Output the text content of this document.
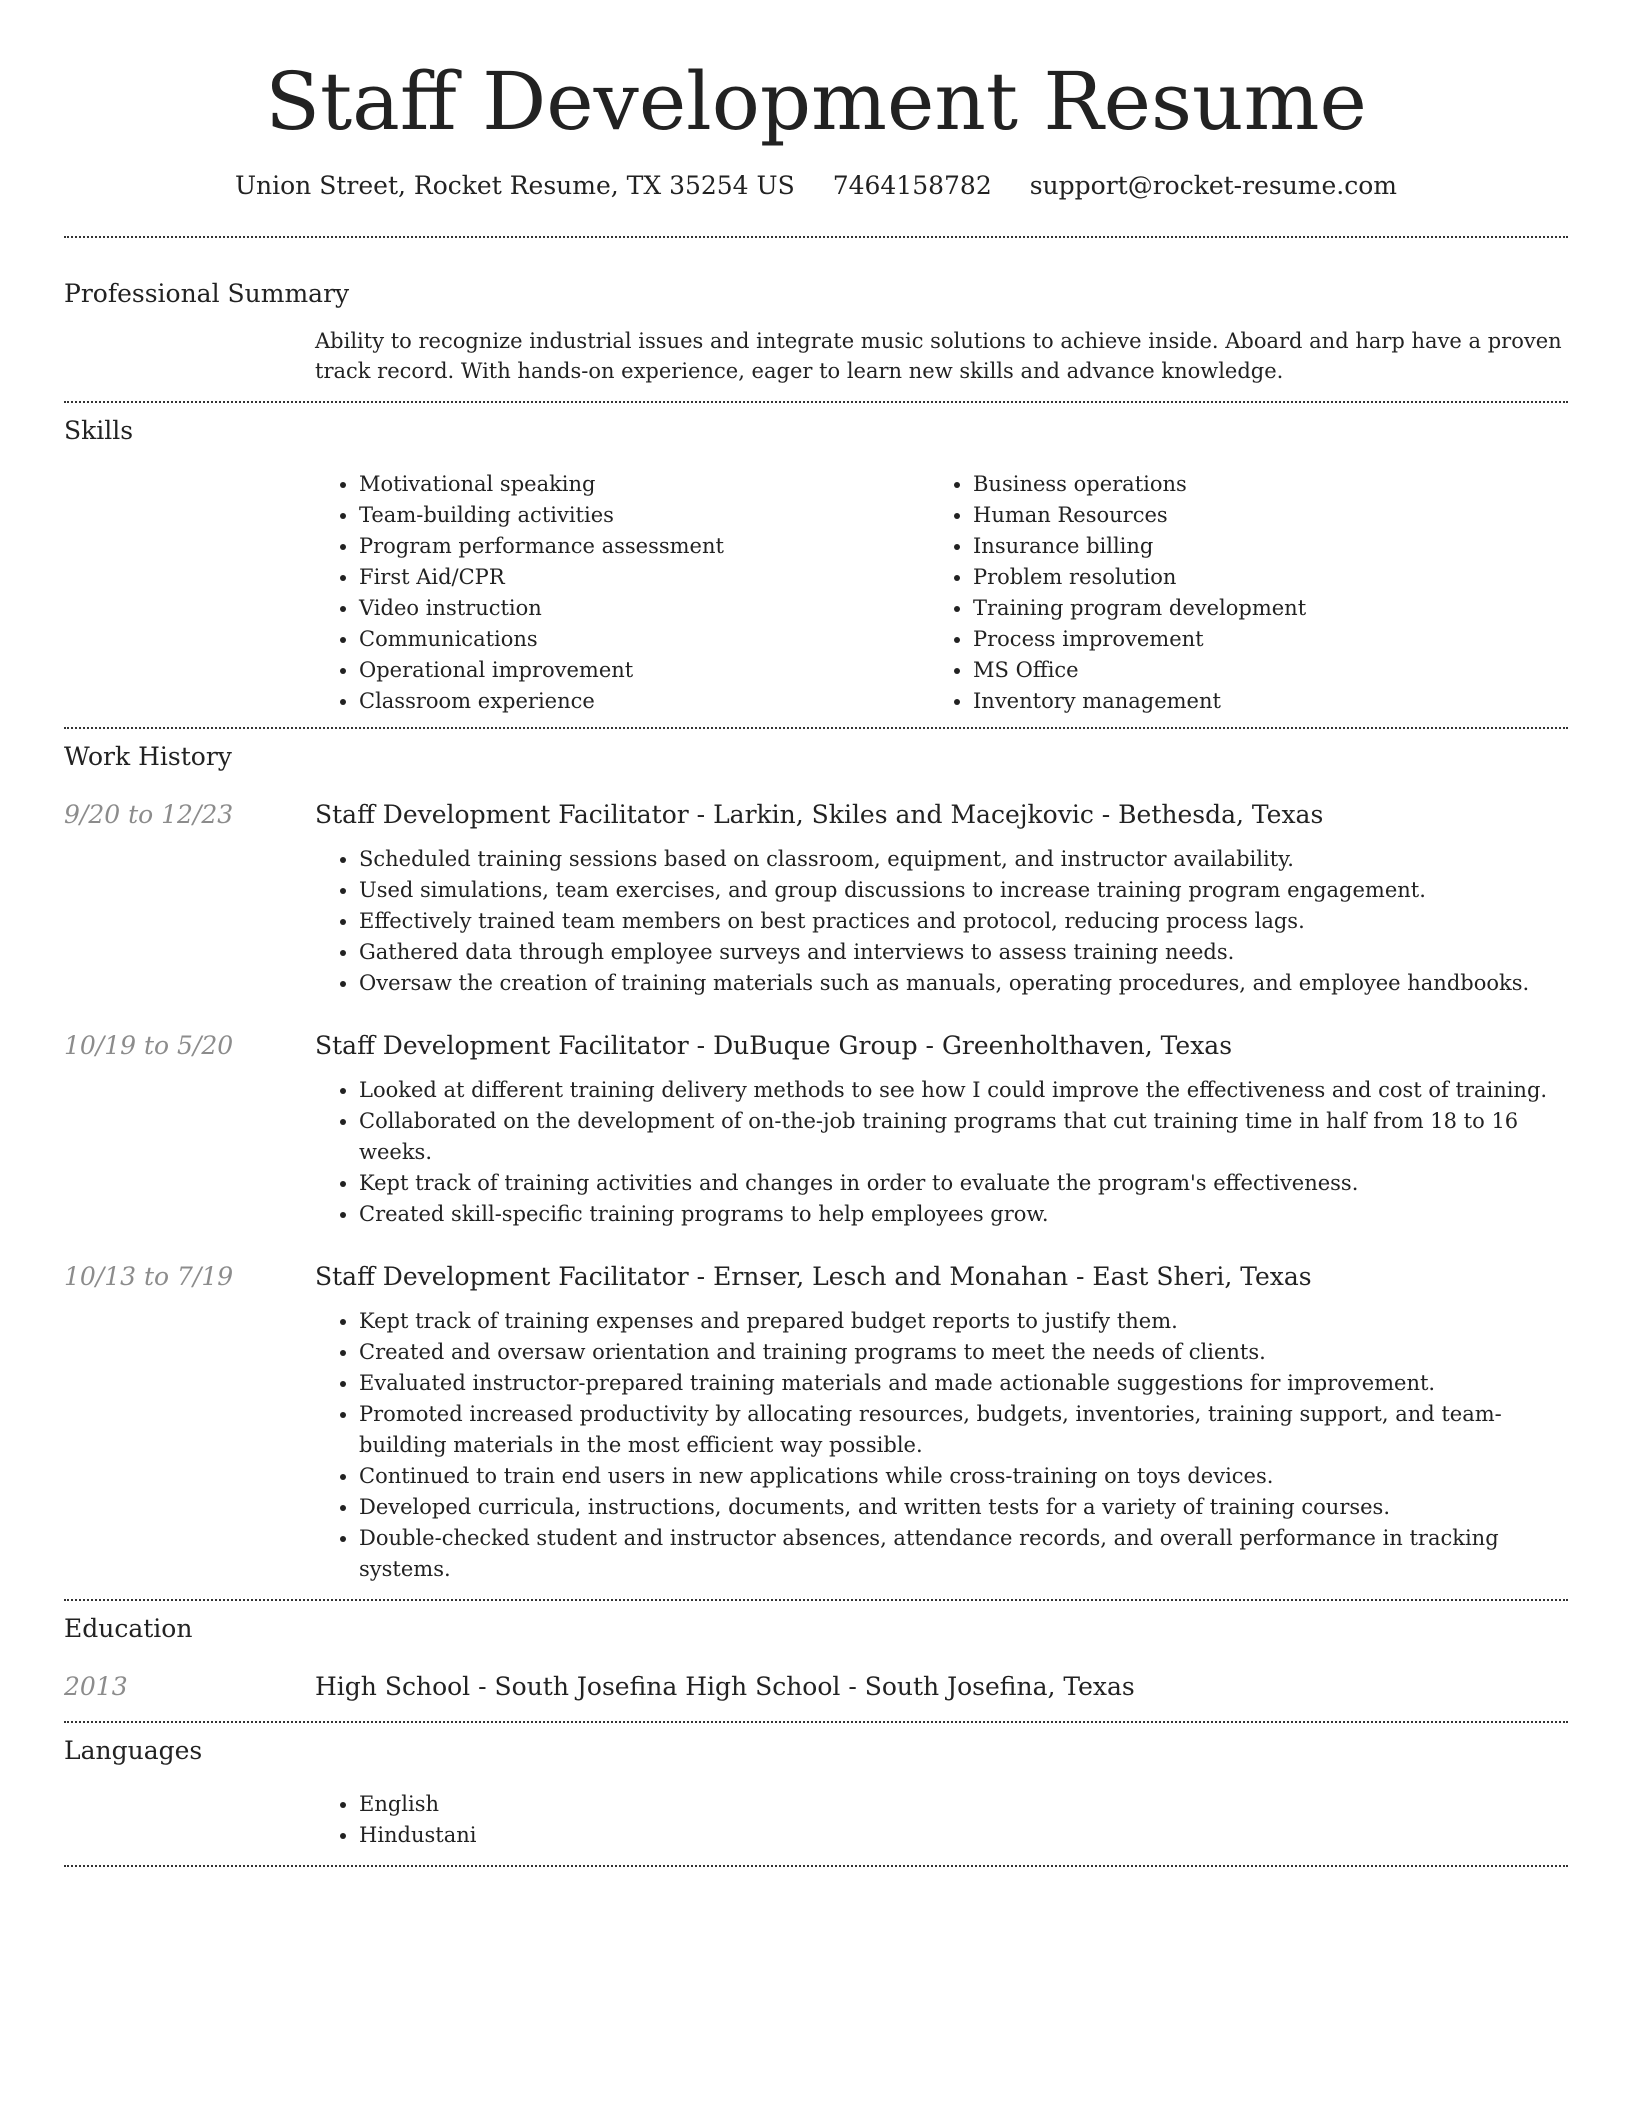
Staff Development Resume
Union Street, Rocket Resume, TX 35254 US 7464158782 support@rocket-resume.com
Professional Summary

Ability to recognize industrial issues and integrate music solutions to achieve inside. Aboard and harp have a proven track record. With hands-on experience, eager to learn new skills and advance knowledge.

Skills
• Motivational speaking
• Team-building activities
• Program performance assessment
• First Aid/CPR
• Video instruction
• Communications
• Operational improvement
• Classroom experience
• Business operations
• Human Resources
• Insurance billing
• Problem resolution
• Training program development
• Process improvement
• MS Office
• Inventory management
Work History
9/20 to 12/23	Staff Development Facilitator - Larkin, Skiles and Macejkovic - Bethesda, Texas
• Scheduled training sessions based on classroom, equipment, and instructor availability.
• Used simulations, team exercises, and group discussions to increase training program engagement.
• Effectively trained team members on best practices and protocol, reducing process lags.
• Gathered data through employee surveys and interviews to assess training needs.
• Oversaw the creation of training materials such as manuals, operating procedures, and employee handbooks.
10/19 to 5/20	Staff Development Facilitator - DuBuque Group - Greenholthaven, Texas
• Looked at different training delivery methods to see how I could improve the effectiveness and cost of training.
• Collaborated on the development of on-the-job training programs that cut training time in half from 18 to 16 weeks.
• Kept track of training activities and changes in order to evaluate the program's effectiveness.
• Created skill-specific training programs to help employees grow.
10/13 to 7/19	Staff Development Facilitator - Ernser, Lesch and Monahan - East Sheri, Texas
• Kept track of training expenses and prepared budget reports to justify them.
• Created and oversaw orientation and training programs to meet the needs of clients.
• Evaluated instructor-prepared training materials and made actionable suggestions for improvement.
• Promoted increased productivity by allocating resources, budgets, inventories, training support, and team-building materials in the most efficient way possible.
• Continued to train end users in new applications while cross-training on toys devices.
• Developed curricula, instructions, documents, and written tests for a variety of training courses.
• Double-checked student and instructor absences, attendance records, and overall performance in tracking systems.
Education
2013	High School - South Josefina High School - South Josefina, Texas
Languages
• English
• Hindustani
